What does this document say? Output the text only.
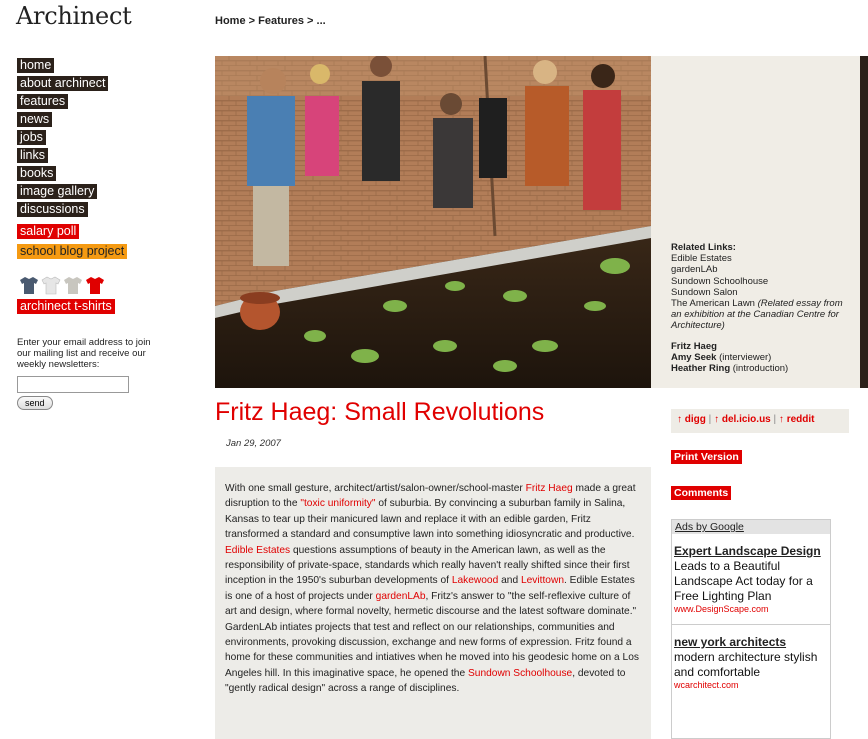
Archinect
home
about archinect
features
news
jobs
links
books
image gallery
discussions
salary poll
school blog project
archinect t-shirts
Enter your email address to join our mailing list and receive our weekly newsletters:
send
Home > Features > ...
Related Links:
Edible Estates
gardenLAb
Sundown Schoolhouse
Sundown Salon
The American Lawn (Related essay from an exhibition at the Canadian Centre for Architecture)
Fritz Haeg
Amy Seek (interviewer)
Heather Ring (introduction)
Fritz Haeg: Small Revolutions
Jan 29, 2007
With one small gesture, architect/artist/salon-owner/school-master Fritz Haeg made a great disruption to the "toxic uniformity" of suburbia. By convincing a suburban family in Salina, Kansas to tear up their manicured lawn and replace it with an edible garden, Fritz transformed a standard and consumptive lawn into something idiosyncratic and productive. Edible Estates questions assumptions of beauty in the American lawn, as well as the responsibility of private-space, standards which really haven't really shifted since their first inception in the 1950's suburban developments of Lakewood and Levittown. Edible Estates is one of a host of projects under gardenLAb, Fritz's answer to "the self-reflexive culture of art and design, where formal novelty, hermetic discourse and the latest software dominate." GardenLAb intiates projects that test and reflect on our relationships, communities and environments, provoking discussion, exchange and new forms of expression. Fritz found a home for these communities and intiatives when he moved into his geodesic home on a Los Angeles hill. In this imaginative space, he opened the Sundown Schoolhouse, devoted to "gently radical design" across a range of disciplines.
↑ digg | ↑ del.icio.us | ↑ reddit
Print Version
Comments
Ads by Google
Expert Landscape Design
Leads to a Beautiful Landscape Act today for a Free Lighting Plan
www.DesignScape.com
new york architects
modern architecture stylish and comfortable
wcarchitect.com
